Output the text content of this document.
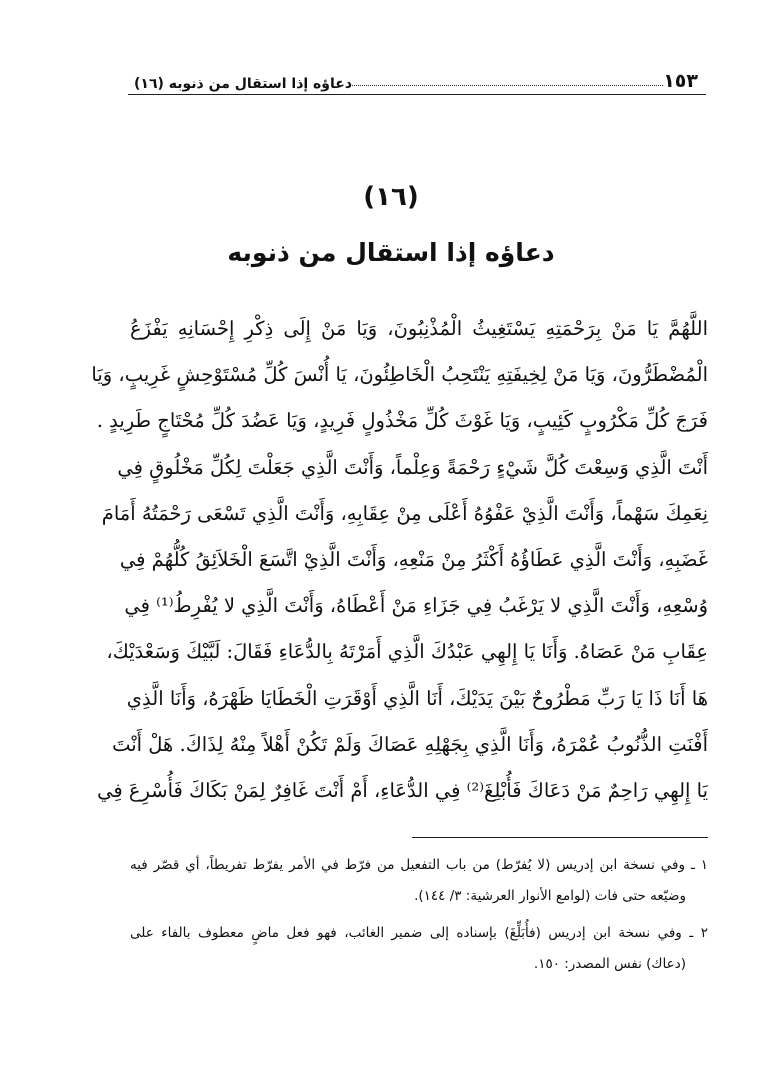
١٥٣
دعاؤه إذا استقال من ذنوبه (١٦)
(١٦)
دعاؤه إذا استقال من ذنوبه
اللَّهُمَّ يَا مَنْ بِرَحْمَتِهِ يَسْتَغِيثُ الْمُذْنِبُونَ، وَيَا مَنْ إِلَى ذِكْرِ إِحْسَانِهِ يَفْزَعُ
الْمُضْطَرُّونَ، وَيَا مَنْ لِخِيفَتِهِ يَنْتَحِبُ الْخَاطِئُونَ، يَا أُنْسَ كُلِّ مُسْتَوْحِشٍ غَرِيبٍ، وَيَا
فَرَجَ كُلِّ مَكْرُوبٍ كَئِيبٍ، وَيَا غَوْثَ كُلِّ مَخْذُولٍ فَرِيدٍ، وَيَا عَضُدَ كُلِّ مُحْتَاجٍ طَرِيدٍ .
أَنْتَ الَّذِي وَسِعْتَ كُلَّ شَيْءٍ رَحْمَةً وَعِلْماً، وَأَنْتَ الَّذِي جَعَلْتَ لِكُلِّ مَخْلُوقٍ فِي
نِعَمِكَ سَهْماً، وَأَنْتَ الَّذِيْ عَفْوُهُ أَعْلَى مِنْ عِقَابِهِ، وَأَنْتَ الَّذِي تَسْعَى رَحْمَتُهُ أَمَامَ
غَضَبِهِ، وَأَنْتَ الَّذِي عَطَاؤُهُ أَكْثَرُ مِنْ مَنْعِهِ، وَأَنْتَ الَّذِيْ اتَّسَعَ الْخَلاَئِقُ كُلُّهُمْ فِي
وُسْعِهِ، وَأَنْتَ الَّذِي لا يَرْغَبُ فِي جَزَاءِ مَنْ أَعْطَاهُ، وَأَنْتَ الَّذِي لا يُفْرِطُ⁽¹⁾ فِي
عِقَابِ مَنْ عَصَاهُ. وَأَنَا يَا إِلهِي عَبْدُكَ الَّذِي أَمَرْتَهُ بِالدُّعَاءِ فَقَالَ: لَبَّيْكَ وَسَعْدَيْكَ،
هَا أَنَا ذَا يَا رَبِّ مَطْرُوحٌ بَيْنَ يَدَيْكَ، أَنَا الَّذِي أَوْقَرَتِ الْخَطَايَا ظَهْرَهُ، وَأَنَا الَّذِي
أَفْنَتِ الذُّنُوبُ عُمْرَهُ، وَأَنَا الَّذِي بِجَهْلِهِ عَصَاكَ وَلَمْ تَكُنْ أَهْلاً مِنْهُ لِذَاكَ. هَلْ أَنْتَ
يَا إِلهِي رَاحِمٌ مَنْ دَعَاكَ فَأُبْلِغَ⁽²⁾ فِي الدُّعَاءِ، أَمْ أَنْتَ غَافِرٌ لِمَنْ بَكَاكَ فَأُسْرِعَ فِي
١ ـ وفي نسخة ابن إدريس (لا يُفرّط) من باب التفعيل من فرّط في الأمر يفرّط تفريطاً، أي قصّر فيه
وضيّعه حتى فات (لوامع الأنوار العرشية: ٣/ ١٤٤).
٢ ـ وفي نسخة ابن إدريس (فأُبَلِّغَ) بإسناده إلى ضمير الغائب، فهو فعل ماضٍ معطوف بالفاء على
(دعاك) نفس المصدر: ١٥٠.
